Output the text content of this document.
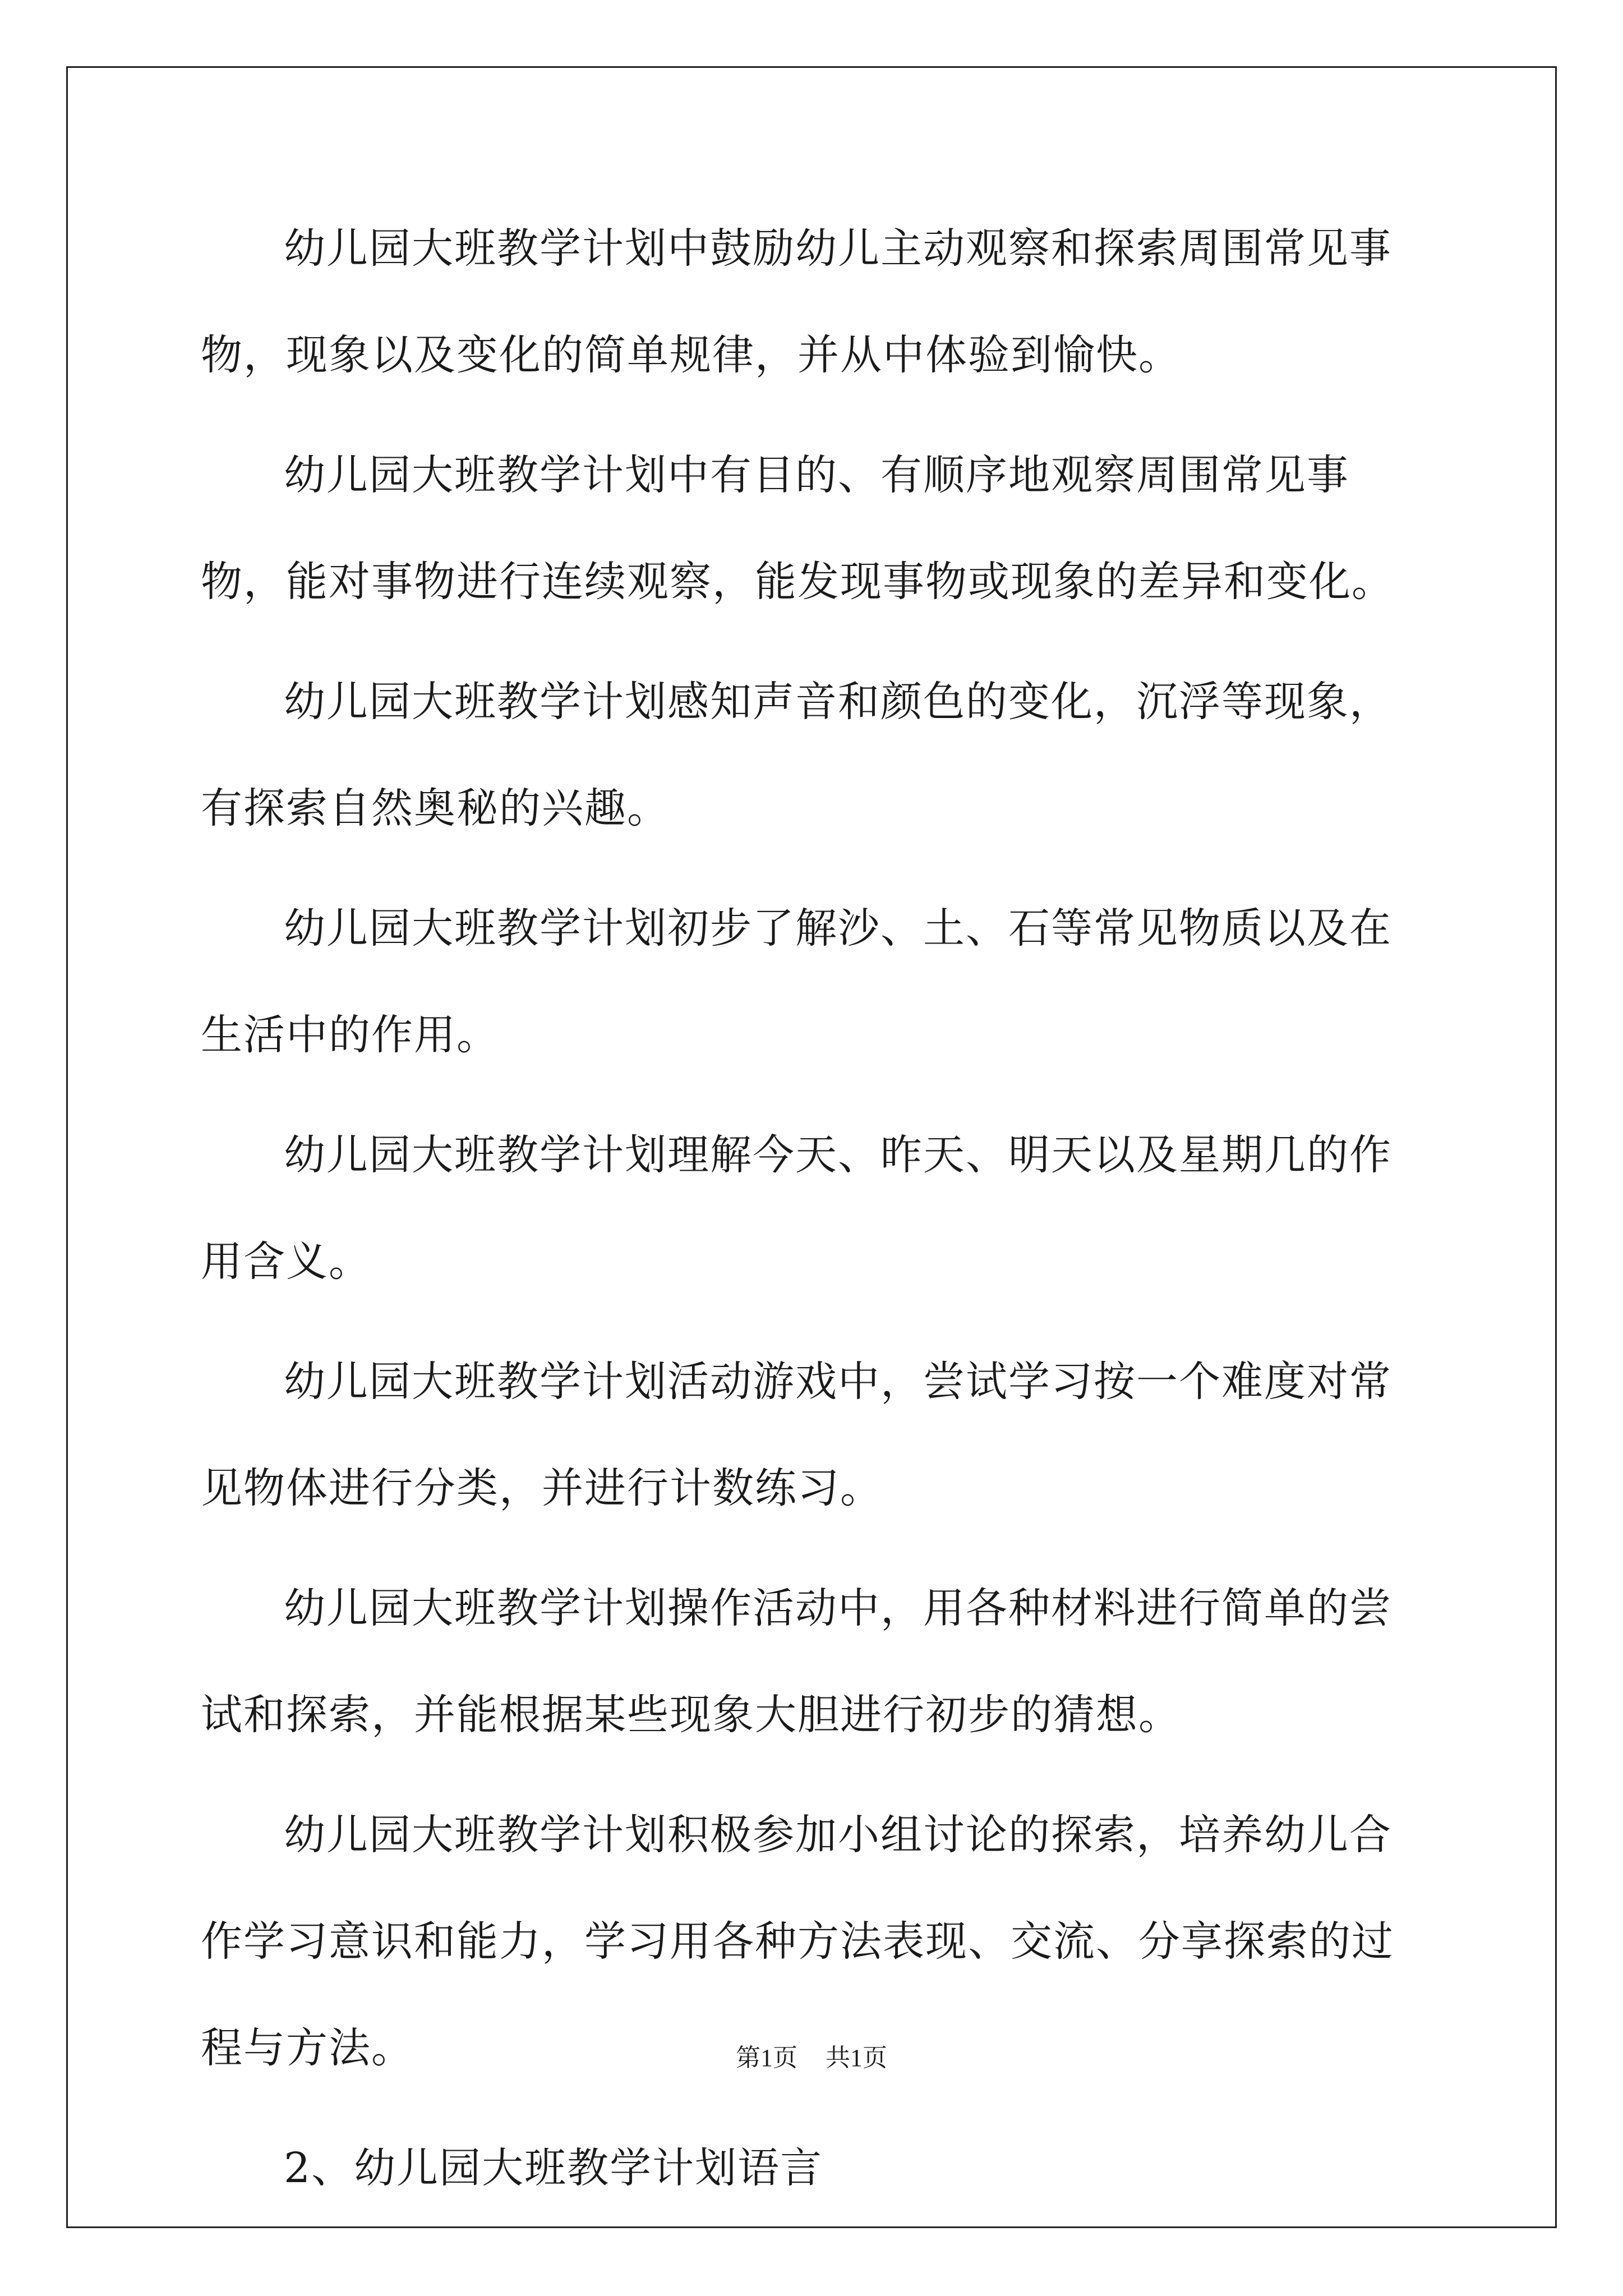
幼儿园大班教学计划中鼓励幼儿主动观察和探索周围常见事物，现象以及变化的简单规律，并从中体验到愉快。

幼儿园大班教学计划中有目的、有顺序地观察周围常见事物，能对事物进行连续观察，能发现事物或现象的差异和变化。

幼儿园大班教学计划感知声音和颜色的变化，沉浮等现象，有探索自然奥秘的兴趣。

幼儿园大班教学计划初步了解沙、土、石等常见物质以及在生活中的作用。

幼儿园大班教学计划理解今天、昨天、明天以及星期几的作用含义。

幼儿园大班教学计划活动游戏中，尝试学习按一个难度对常见物体进行分类，并进行计数练习。

幼儿园大班教学计划操作活动中，用各种材料进行简单的尝试和探索，并能根据某些现象大胆进行初步的猜想。

幼儿园大班教学计划积极参加小组讨论的探索，培养幼儿合作学习意识和能力，学习用各种方法表现、交流、分享探索的过程与方法。

2、幼儿园大班教学计划语言

第1页 共1页
